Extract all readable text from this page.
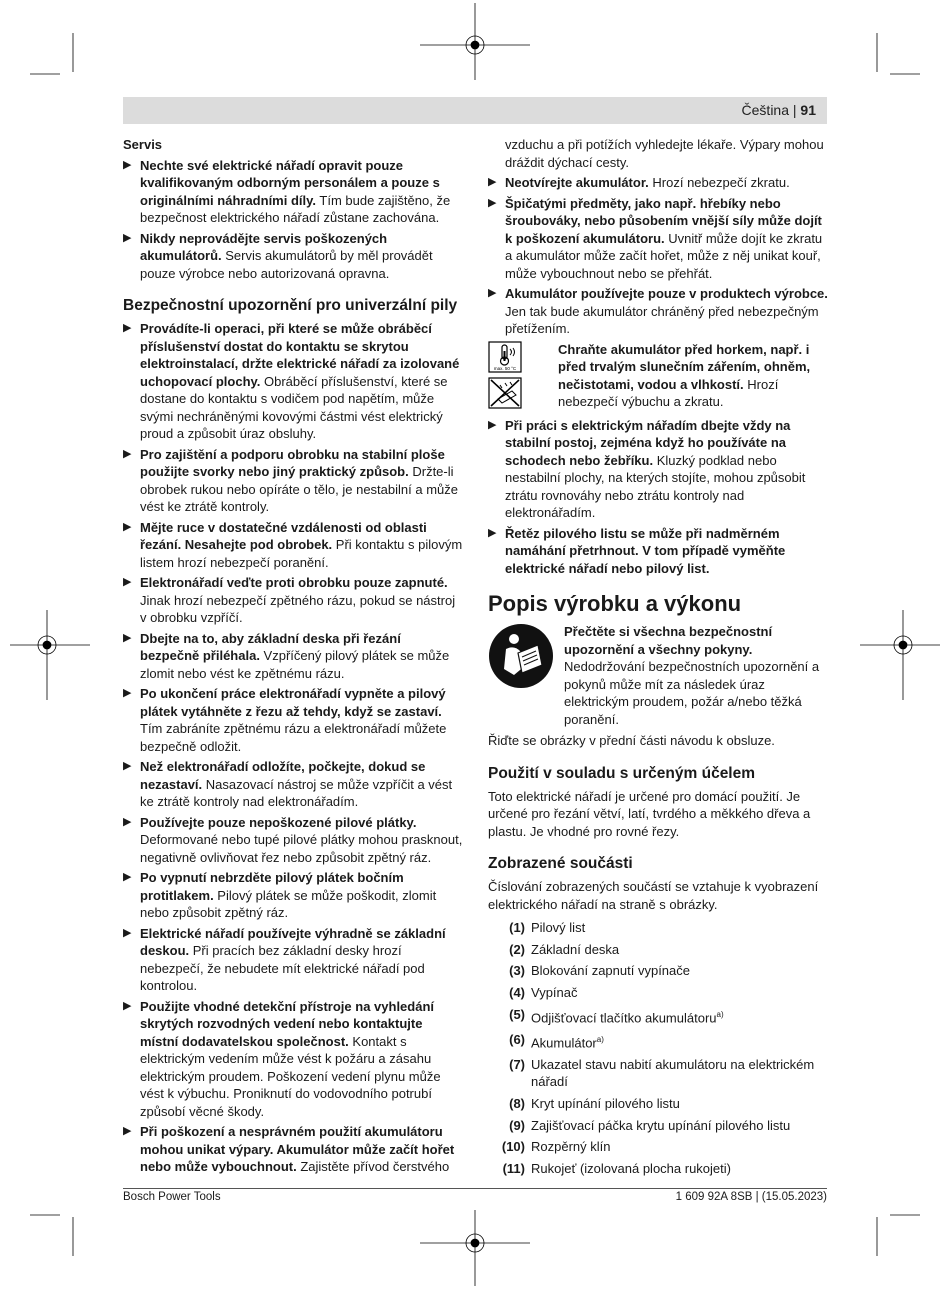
Čeština | 91
Servis
▶ Nechte své elektrické nářadí opravit pouze kvalifikovaným odborným personálem a pouze s originálními náhradními díly. Tím bude zajištěno, že bezpečnost elektrického nářadí zůstane zachována.
▶ Nikdy neprovádějte servis poškozených akumulátorů. Servis akumulátorů by měl provádět pouze výrobce nebo autorizovaná opravna.
Bezpečnostní upozornění pro univerzální pily
▶ Provádíte-li operaci, při které se může obráběcí příslušenství dostat do kontaktu se skrytou elektroinstalací, držte elektrické nářadí za izolované uchopovací plochy. Obráběcí příslušenství, které se dostane do kontaktu s vodičem pod napětím, může svými nechráněnými kovovými částmi vést elektrický proud a způsobit úraz obsluhy.
▶ Pro zajištění a podporu obrobku na stabilní ploše použijte svorky nebo jiný praktický způsob. Držte-li obrobek rukou nebo opíráte o tělo, je nestabilní a může vést ke ztrátě kontroly.
▶ Mějte ruce v dostatečné vzdálenosti od oblasti řezání. Nesahejte pod obrobek. Při kontaktu s pilovým listem hrozí nebezpečí poranění.
▶ Elektronářadí veďte proti obrobku pouze zapnuté. Jinak hrozí nebezpečí zpětného rázu, pokud se nástroj v obrobku vzpříčí.
▶ Dbejte na to, aby základní deska při řezání bezpečně přiléhala. Vzpříčený pilový plátek se může zlomit nebo vést ke zpětnému rázu.
▶ Po ukončení práce elektronářadí vypněte a pilový plátek vytáhněte z řezu až tehdy, když se zastaví. Tím zabráníte zpětnému rázu a elektronářadí můžete bezpečně odložit.
▶ Než elektronářadí odložíte, počkejte, dokud se nezastaví. Nasazovací nástroj se může vzpříčit a vést ke ztrátě kontroly nad elektronářadím.
▶ Používejte pouze nepoškozené pilové plátky. Deformované nebo tupé pilové plátky mohou prasknout, negativně ovlivňovat řez nebo způsobit zpětný ráz.
▶ Po vypnutí nebrzděte pilový plátek bočním protitlakem. Pilový plátek se může poškodit, zlomit nebo způsobit zpětný ráz.
▶ Elektrické nářadí používejte výhradně se základní deskou. Při pracích bez základní desky hrozí nebezpečí, že nebudete mít elektrické nářadí pod kontrolou.
▶ Použijte vhodné detekční přístroje na vyhledání skrytých rozvodných vedení nebo kontaktujte místní dodavatelskou společnost. Kontakt s elektrickým vedením může vést k požáru a zásahu elektrickým proudem. Poškození vedení plynu může vést k výbuchu. Proniknutí do vodovodního potrubí způsobí věcné škody.
▶ Při poškození a nesprávném použití akumulátoru mohou unikat výpary. Akumulátor může začít hořet nebo může vybouchnout. Zajistěte přívod čerstvého
vzduchu a při potížích vyhledejte lékaře. Výpary mohou dráždit dýchací cesty.
▶ Neotvírejte akumulátor. Hrozí nebezpečí zkratu.
▶ Špičatými předměty, jako např. hřebíky nebo šroubováky, nebo působením vnější síly může dojít k poškození akumulátoru. Uvnitř může dojít ke zkratu a akumulátor může začít hořet, může z něj unikat kouř, může vybouchnout nebo se přehřát.
▶ Akumulátor používejte pouze v produktech výrobce. Jen tak bude akumulátor chráněný před nebezpečným přetížením.
max. 50 °C
Chraňte akumulátor před horkem, např. i před trvalým slunečním zářením, ohněm, nečistotami, vodou a vlhkostí. Hrozí nebezpečí výbuchu a zkratu.
▶ Při práci s elektrickým nářadím dbejte vždy na stabilní postoj, zejména když ho používáte na schodech nebo žebříku. Kluzký podklad nebo nestabilní plochy, na kterých stojíte, mohou způsobit ztrátu rovnováhy nebo ztrátu kontroly nad elektronářadím.
▶ Řetěz pilového listu se může při nadměrném namáhání přetrhnout. V tom případě vyměňte elektrické nářadí nebo pilový list.
Popis výrobku a výkonu
Přečtěte si všechna bezpečnostní upozornění a všechny pokyny. Nedodržování bezpečnostních upozornění a pokynů může mít za následek úraz elektrickým proudem, požár a/nebo těžká poranění.
Řiďte se obrázky v přední části návodu k obsluze.
Použití v souladu s určeným účelem
Toto elektrické nářadí je určené pro domácí použití. Je určené pro řezání větví, latí, tvrdého a měkkého dřeva a plastu. Je vhodné pro rovné řezy.
Zobrazené součásti
Číslování zobrazených součástí se vztahuje k vyobrazení elektrického nářadí na straně s obrázky.
(1) Pilový list
(2) Základní deska
(3) Blokování zapnutí vypínače
(4) Vypínač
(5) Odjišťovací tlačítko akumulátoru$^{a)}$
(6) Akumulátor$^{a)}$
(7) Ukazatel stavu nabití akumulátoru na elektrickém nářadí
(8) Kryt upínání pilového listu
(9) Zajišťovací páčka krytu upínání pilového listu
(10) Rozpěrný klín
(11) Rukojeť (izolovaná plocha rukojeti)
Bosch Power Tools	1 609 92A 8SB | (15.05.2023)
